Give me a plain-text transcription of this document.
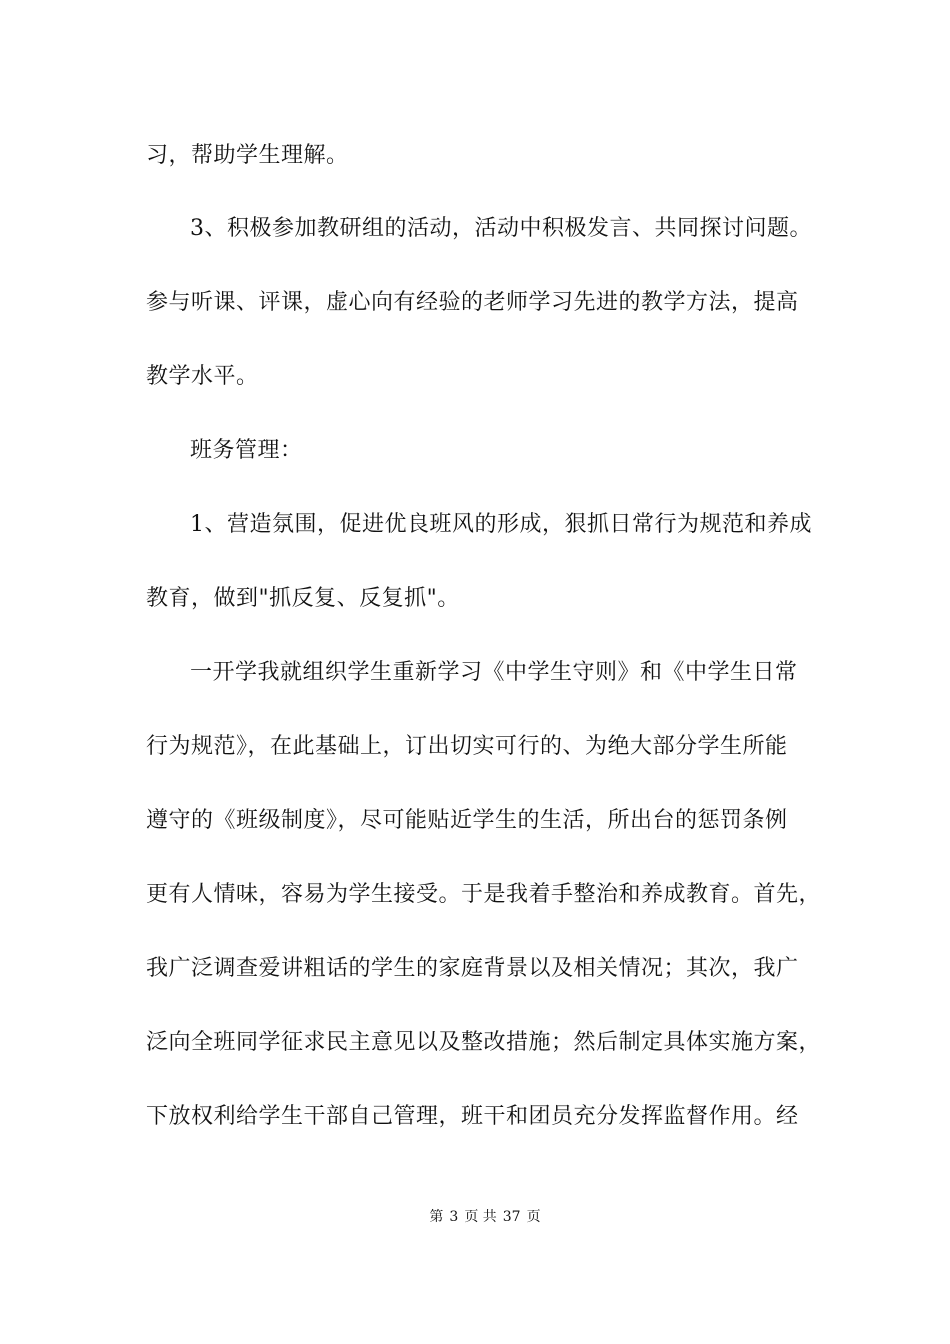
习，帮助学生理解。
3、积极参加教研组的活动，活动中积极发言、共同探讨问题。
参与听课、评课，虚心向有经验的老师学习先进的教学方法，提高
教学水平。
班务管理：
1、营造氛围，促进优良班风的形成，狠抓日常行为规范和养成
教育，做到"抓反复、反复抓"。
一开学我就组织学生重新学习《中学生守则》和《中学生日常
行为规范》，在此基础上，订出切实可行的、为绝大部分学生所能
遵守的《班级制度》，尽可能贴近学生的生活，所出台的惩罚条例
更有人情味，容易为学生接受。于是我着手整治和养成教育。首先，
我广泛调查爱讲粗话的学生的家庭背景以及相关情况；其次，我广
泛向全班同学征求民主意见以及整改措施；然后制定具体实施方案，
下放权利给学生干部自己管理，班干和团员充分发挥监督作用。经
第 3 页 共 37 页
